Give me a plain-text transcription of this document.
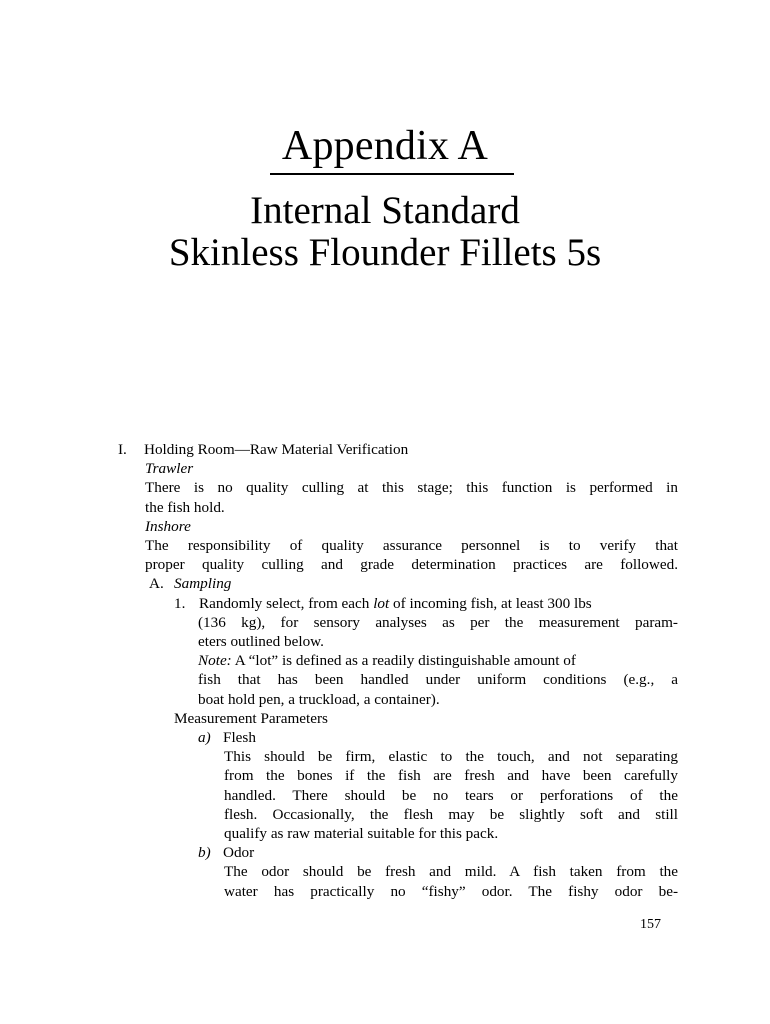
Appendix A
Internal Standard
Skinless Flounder Fillets 5s
I. Holding Room—Raw Material Verification
Trawler
There is no quality culling at this stage; this function is performed in
the fish hold.
Inshore
The responsibility of quality assurance personnel is to verify that
proper quality culling and grade determination practices are followed.
A. Sampling
1. Randomly select, from each lot of incoming fish, at least 300 lbs
(136 kg), for sensory analyses as per the measurement param-
eters outlined below.
Note: A “lot” is defined as a readily distinguishable amount of
fish that has been handled under uniform conditions (e.g., a
boat hold pen, a truckload, a container).
Measurement Parameters
a) Flesh
This should be firm, elastic to the touch, and not separating
from the bones if the fish are fresh and have been carefully
handled. There should be no tears or perforations of the
flesh. Occasionally, the flesh may be slightly soft and still
qualify as raw material suitable for this pack.
b) Odor
The odor should be fresh and mild. A fish taken from the
water has practically no “fishy” odor. The fishy odor be-
157
